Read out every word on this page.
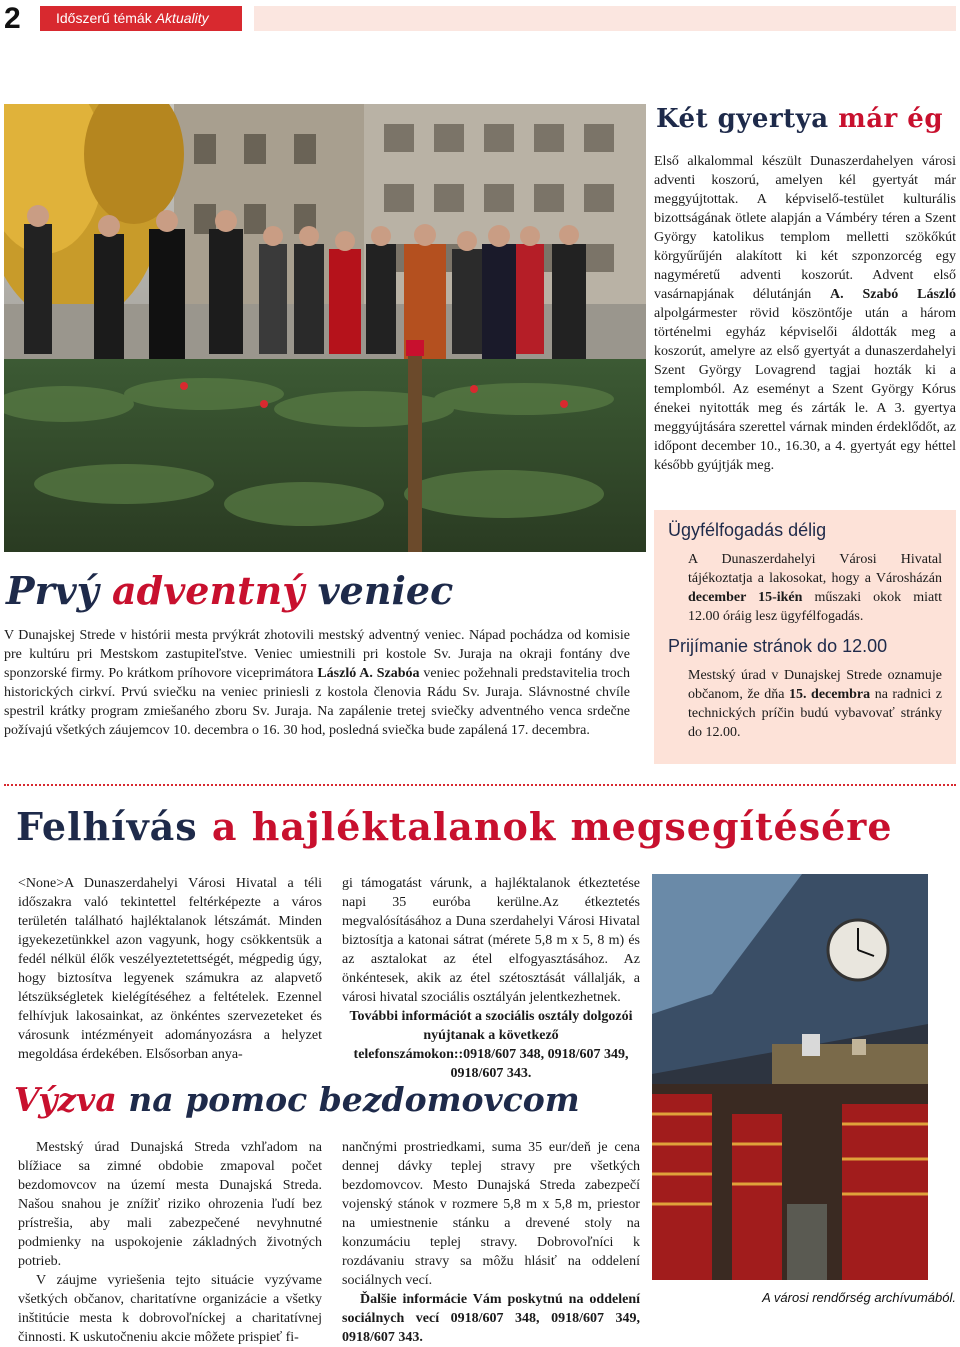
2	Időszerű témák Aktuality
Két gyertya már ég

Első alkalommal készült Dunaszerdahelyen városi adventi koszorú, amelyen kél gyertyát már meggyújtottak. A képviselő-testület kulturális bizottságának ötlete alapján a Vámbéry téren a Szent György katolikus templom melletti szökőkút körgyűrűjén alakított ki két szponzorcég egy nagyméretű adventi koszorút. Advent első vasárnapjának délutánján A. Szabó László alpolgármester rövid köszöntője után a három történelmi egyház képviselői áldották meg a koszorút, amelyre az első gyertyát a dunaszerdahelyi Szent György Lovagrend tagjai hozták ki a templomból. Az eseményt a Szent György Kórus énekei nyitották meg és zárták le. A 3. gyertya meggyújtására szerettel várnak minden érdeklődőt, az időpont december 10., 16.30, a 4. gyertyát egy héttel később gyújtják meg.

Prvý adventný veniec

V Dunajskej Strede v histórii mesta prvýkrát zhotovili mestský adventný veniec. Nápad pochádza od komisie pre kultúru pri Mestskom zastupiteľstve. Veniec umiestnili pri kostole Sv. Juraja na okraji fontány dve sponzorské firmy. Po krátkom príhovore viceprimátora László A. Szabóa veniec požehnali predstavitelia troch historických cirkví. Prvú sviečku na veniec priniesli z kostola členovia Rádu Sv. Juraja. Slávnostné chvíle spestril krátky program zmiešaného zboru Sv. Juraja. Na zapálenie tretej sviečky adventného venca srdečne požívajú všetkých záujemcov 10. decembra o 16. 30 hod, posledná sviečka bude zapálená 17. decembra.

Ügyfélfogadás délig

A Dunaszerdahelyi Városi Hivatal tájékoztatja a lakosokat, hogy a Városházán december 15-ikén műszaki okok miatt 12.00 óráig lesz ügyfélfogadás.

Prijímanie stránok do 12.00

Mestský úrad v Dunajskej Strede oznamuje občanom, že dňa 15. decembra na radnici z technických príčin budú vybavovať stránky do 12.00.

Felhívás a hajléktalanok megsegítésére

<None>A Dunaszerdahelyi Városi Hivatal a téli időszakra való tekintettel feltérképezte a város területén található hajléktalanok létszámát. Minden igyekezetünkkel azon vagyunk, hogy csökkentsük a fedél nélkül élők veszélyeztetettségét, mégpedig úgy, hogy biztosítva legyenek számukra az alapvető létszükségletek kielégítéséhez a feltételek. Ezennel felhívjuk lakosainkat, az önkéntes szervezeteket és városunk intézményeit adományozásra a helyzet megoldása érdekében. Elsősorban anya-

gi támogatást várunk, a hajléktalanok étkeztetése napi 35 euróba kerülne.Az étkeztetés megvalósításához a Duna szerdahelyi Városi Hivatal biztosítja a katonai sátrat (mérete 5,8 m x 5, 8 m) és az asztalokat az étel elfogyasztásához. Az önkéntesek, akik az étel szétosztását vállalják, a városi hivatal szociális osztályán jelentkezhetnek.

További információt a szociális osztály dolgozói nyújtanak a következő telefonszámokon::0918/607 348, 0918/607 349, 0918/607 343.

Výzva na pomoc bezdomovcom

Mestský úrad Dunajská Streda vzhľadom na blížiace sa zimné obdobie zmapoval počet bezdomovcov na území mesta Dunajská Streda. Našou snahou je znížiť riziko ohrozenia ľudí bez prístrešia, aby mali zabezpečené nevyhnutné podmienky na uspokojenie základných životných potrieb.

V záujme vyriešenia tejto situácie vyzývame všetkých občanov, charitatívne organizácie a všetky inštitúcie mesta k dobrovoľníckej a charitatívnej činnosti. K uskutočneniu akcie môžete prispieť fi-

nančnými prostriedkami, suma 35 eur/deň je cena dennej dávky teplej stravy pre všetkých bezdomovcov. Mesto Dunajská Streda zabezpečí vojenský stánok v rozmere 5,8 m x 5,8 m, priestor na umiestnenie stánku a drevené stoly na konzumáciu teplej stravy. Dobrovoľníci k rozdávaniu stravy sa môžu hlásiť na oddelení sociálnych vecí.

Ďalšie informácie Vám poskytnú na oddelení sociálnych vecí 0918/607 348, 0918/607 349, 0918/607 343.

A városi rendőrség archívumából.
